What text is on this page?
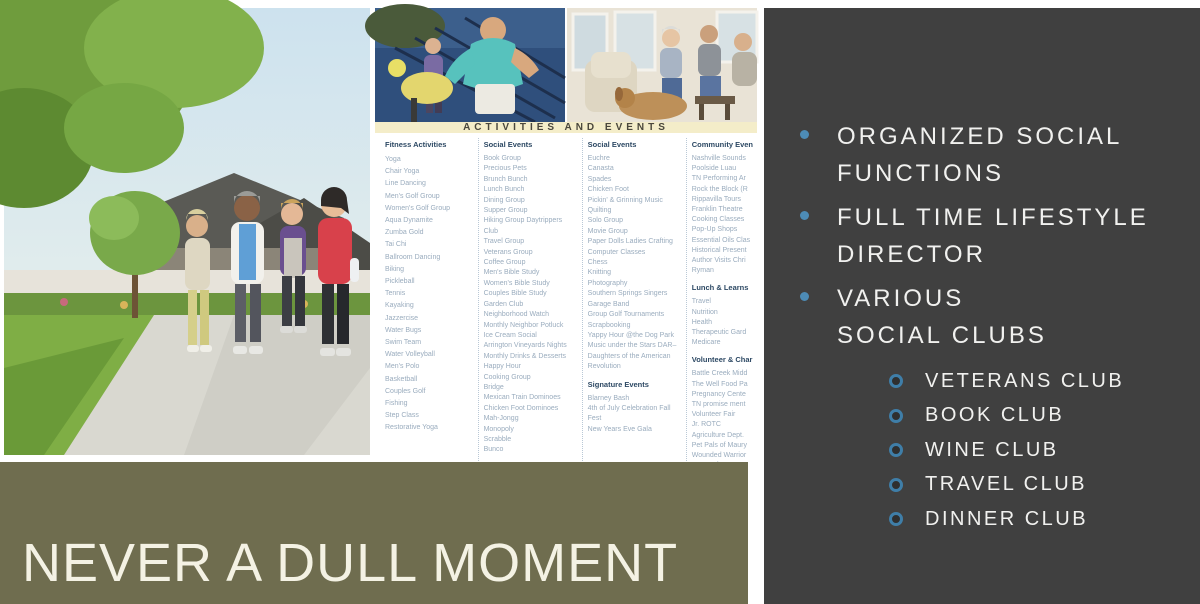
ACTIVITIES AND EVENTS
Fitness Activities
Yoga
Chair Yoga
Line Dancing
Men's Golf Group
Women's Golf Group
Aqua Dynamite
Zumba Gold
Tai Chi
Ballroom Dancing
Biking
Pickleball
Tennis
Kayaking
Jazzercise
Water Bugs
Swim Team
Water Volleyball
Men's Polo
Basketball
Couples Golf
Fishing
Step Class
Restorative Yoga
Social Events
Book Group
Precious Pets
Brunch Bunch
Lunch Bunch
Dining Group
Supper Group
Hiking Group Daytrippers Club
Travel Group
Veterans Group
Coffee Group
Men's Bible Study
Women's Bible Study
Couples Bible Study
Garden Club
Neighborhood Watch
Monthly Neighbor Potluck
Ice Cream Social
Arrington Vineyards Nights
Monthly Drinks & Desserts
Happy Hour
Cooking Group
Bridge
Mexican Train Dominoes
Chicken Foot Dominoes
Mah-Jongg
Monopoly
Scrabble
Bunco
Social Events
Euchre
Canasta
Spades
Chicken Foot
Pickin' & Grinning Music
Quilting
Solo Group
Movie Group
Paper Dolls Ladies Crafting
Computer Classes
Chess
Knitting
Photography
Southern Springs Singers
Garage Band
Group Golf Tournaments
Scrapbooking
Yappy Hour @the Dog Park
Music under the Stars DAR– Daughters of the American Revolution
Signature Events
Blarney Bash
4th of July Celebration Fall Fest
New Years Eve Gala
Community Even
Nashville Sounds
Poolside Luau
TN Performing Ar
Rock the Block (R
Rippavilla Tours
Franklin Theatre
Cooking Classes
Pop-Up Shops
Essential Oils Clas
Historical Present
Author Visits Chri
Ryman
Lunch & Learns
Travel
Nutrition
Health
Therapeutic Gard
Medicare
Volunteer & Char
Battle Creek Midd
The Well Food Pa
Pregnancy Cente
TN promise ment
Volunteer Fair
Jr. ROTC
Agriculture Dept.
Pet Pals of Maury
Wounded Warrior
NEVER A DULL MOMENT
ORGANIZED SOCIAL
FUNCTIONS
FULL TIME LIFESTYLE
DIRECTOR
VARIOUS
SOCIAL CLUBS
VETERANS CLUB
BOOK CLUB
WINE CLUB
TRAVEL CLUB
DINNER CLUB
